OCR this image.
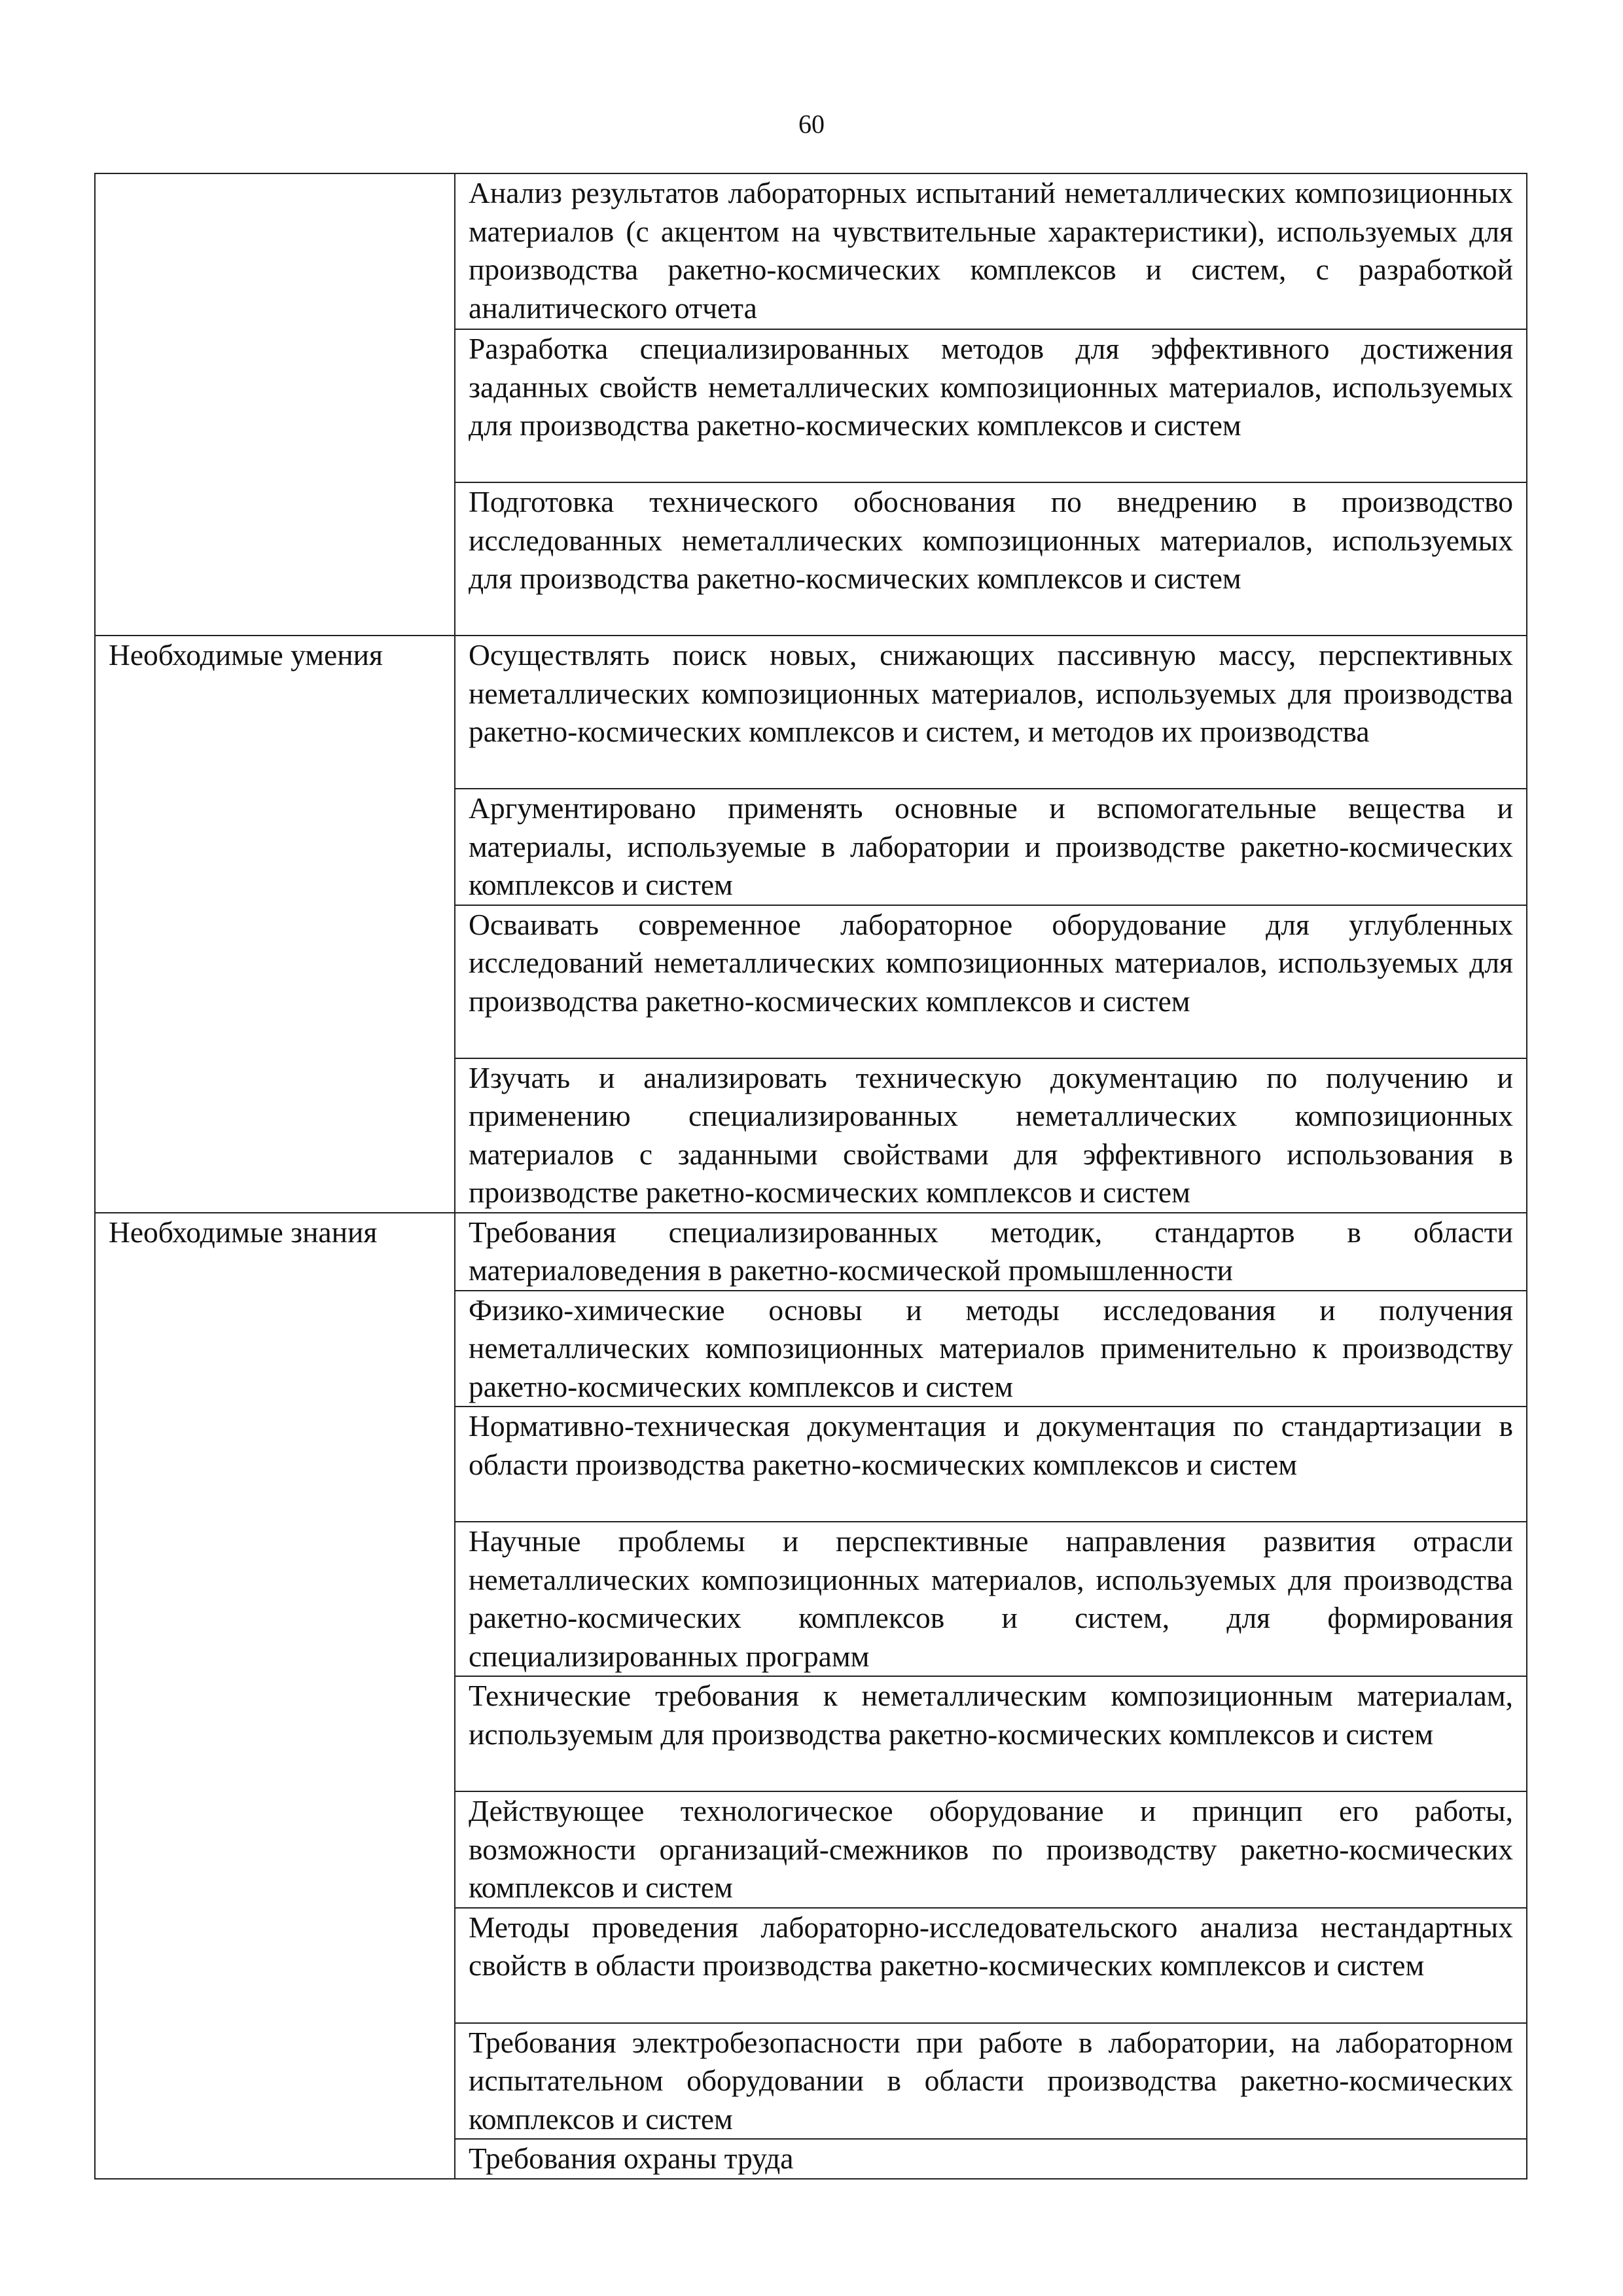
60
	Анализ результатов лабораторных испытаний неметаллических композиционных материалов (с акцентом на чувствительные характеристики), используемых для производства ракетно-космических комплексов и систем, с разработкой аналитического отчета
	Разработка специализированных методов для эффективного достижения заданных свойств неметаллических композиционных материалов, используемых для производства ракетно-космических комплексов и систем
	Подготовка технического обоснования по внедрению в производство исследованных неметаллических композиционных материалов, используемых для производства ракетно-космических комплексов и систем
Необходимые умения	Осуществлять поиск новых, снижающих пассивную массу, перспективных неметаллических композиционных материалов, используемых для производства ракетно-космических комплексов и систем, и методов их производства
	Аргументировано применять основные и вспомогательные вещества и материалы, используемые в лаборатории и производстве ракетно-космических комплексов и систем
	Осваивать современное лабораторное оборудование для углубленных исследований неметаллических композиционных материалов, используемых для производства ракетно-космических комплексов и систем
	Изучать и анализировать техническую документацию по получению и применению специализированных неметаллических композиционных материалов с заданными свойствами для эффективного использования в производстве ракетно-космических комплексов и систем
Необходимые знания	Требования специализированных методик, стандартов в области материаловедения в ракетно-космической промышленности
	Физико-химические основы и методы исследования и получения неметаллических композиционных материалов применительно к производству ракетно-космических комплексов и систем
	Нормативно-техническая документация и документация по стандартизации в области производства ракетно-космических комплексов и систем
	Научные проблемы и перспективные направления развития отрасли неметаллических композиционных материалов, используемых для производства ракетно-космических комплексов и систем, для формирования специализированных программ
	Технические требования к неметаллическим композиционным материалам, используемым для производства ракетно-космических комплексов и систем
	Действующее технологическое оборудование и принцип его работы, возможности организаций-смежников по производству ракетно-космических комплексов и систем
	Методы проведения лабораторно-исследовательского анализа нестандартных свойств в области производства ракетно-космических комплексов и систем
	Требования электробезопасности при работе в лаборатории, на лабораторном испытательном оборудовании в области производства ракетно-космических комплексов и систем
	Требования охраны труда
